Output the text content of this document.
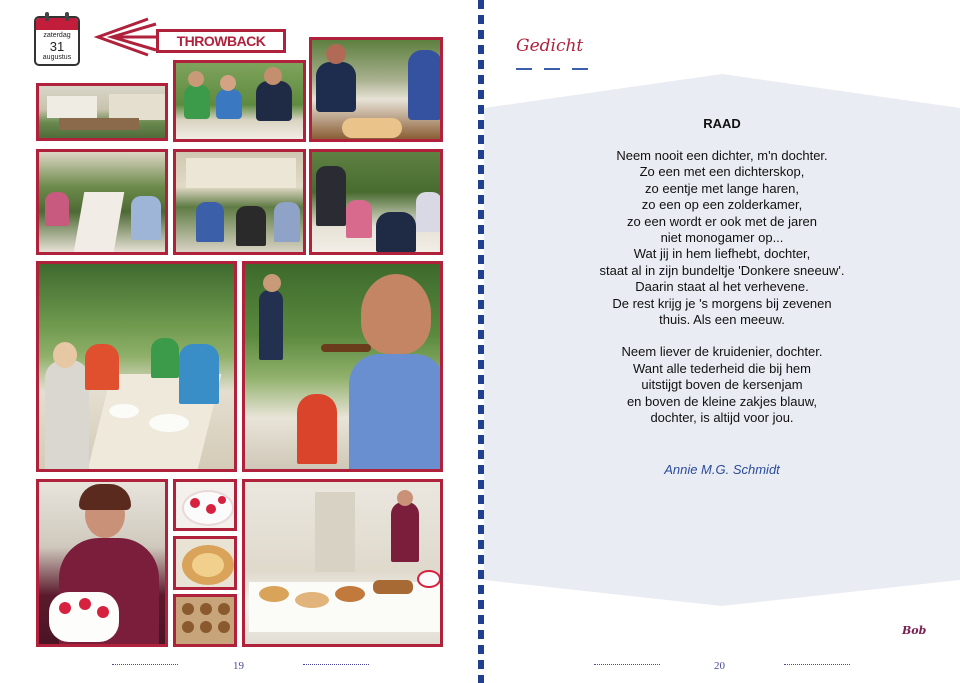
zaterdag
31
augustus
THROWBACK
19
Gedicht
RAAD
Neem nooit een dichter, m'n dochter.
Zo een met een dichterskop,
zo eentje met lange haren,
zo een op een zolderkamer,
zo een wordt er ook met de jaren
niet monogamer op...
Wat jij in hem liefhebt, dochter,
staat al in zijn bundeltje 'Donkere sneeuw'.
Daarin staat al het verhevene.
De rest krijg je 's morgens bij zevenen
thuis. Als een meeuw.
Neem liever de kruidenier, dochter.
Want alle tederheid die bij hem
uitstijgt boven de kersenjam
en boven de kleine zakjes blauw,
dochter, is altijd voor jou.
Annie M.G. Schmidt
Bob
20
